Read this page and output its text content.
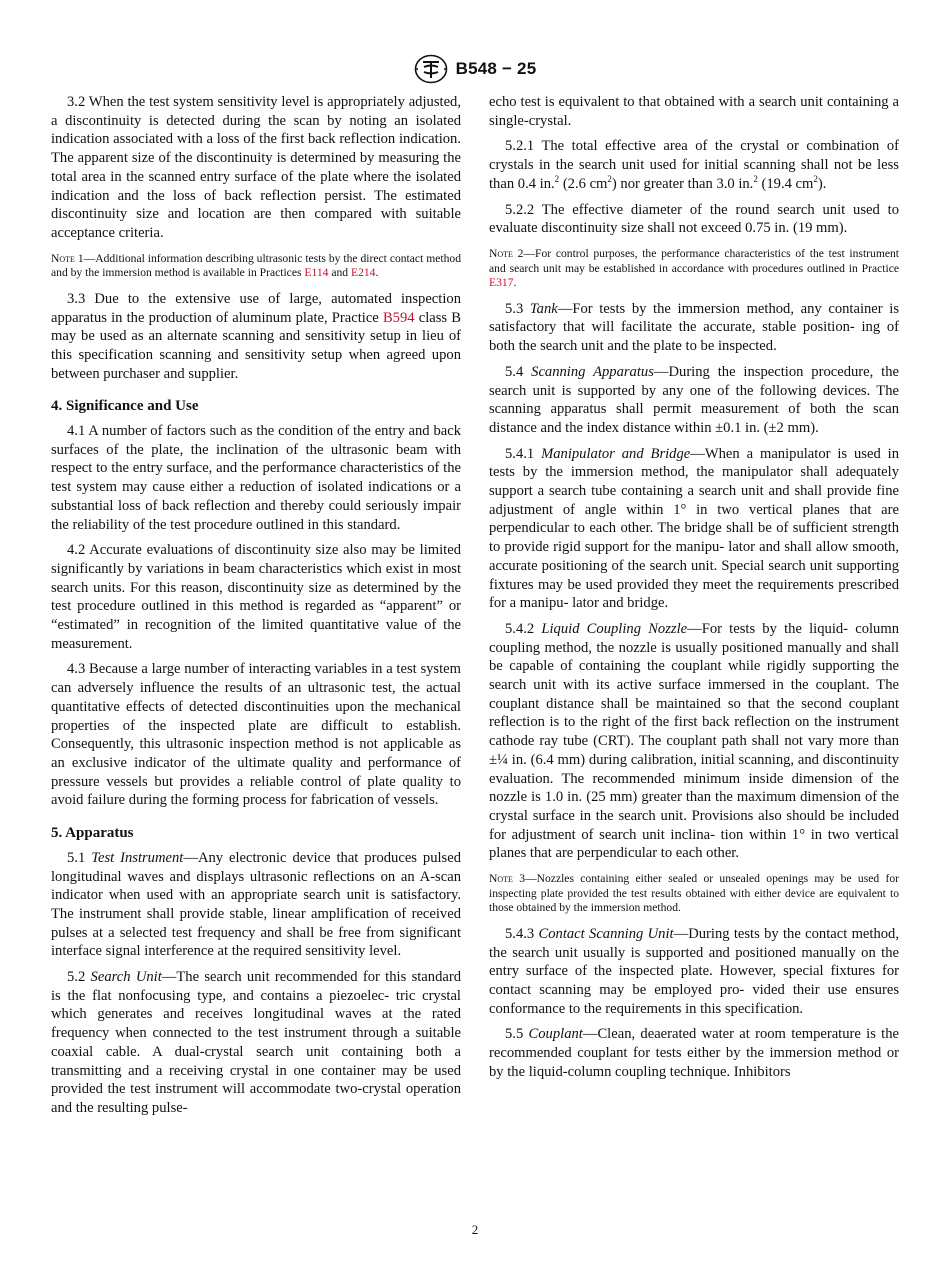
B548 − 25

3.2 When the test system sensitivity level is appropriately adjusted, a discontinuity is detected during the scan by noting an isolated indication associated with a loss of the first back reflection indication. The apparent size of the discontinuity is determined by measuring the total area in the scanned entry surface of the plate where the isolated indication and the loss of back reflection persist. The estimated discontinuity size and location are then compared with suitable acceptance criteria.

Note 1—Additional information describing ultrasonic tests by the direct contact method and by the immersion method is available in Practices E114 and E214.

3.3 Due to the extensive use of large, automated inspection apparatus in the production of aluminum plate, Practice B594 class B may be used as an alternate scanning and sensitivity setup in lieu of this specification scanning and sensitivity setup when agreed upon between purchaser and supplier.

4. Significance and Use

4.1 A number of factors such as the condition of the entry and back surfaces of the plate, the inclination of the ultrasonic beam with respect to the entry surface, and the performance characteristics of the test system may cause either a reduction of isolated indications or a substantial loss of back reflection and thereby could seriously impair the reliability of the test procedure outlined in this standard.

4.2 Accurate evaluations of discontinuity size also may be limited significantly by variations in beam characteristics which exist in most search units. For this reason, discontinuity size as determined by the test procedure outlined in this method is regarded as “apparent” or “estimated” in recognition of the limited quantitative value of the measurement.

4.3 Because a large number of interacting variables in a test system can adversely influence the results of an ultrasonic test, the actual quantitative effects of detected discontinuities upon the mechanical properties of the inspected plate are difficult to establish. Consequently, this ultrasonic inspection method is not applicable as an exclusive indicator of the ultimate quality and performance of pressure vessels but provides a reliable control of plate quality to avoid failure during the forming process for fabrication of vessels.

5. Apparatus

5.1 Test Instrument—Any electronic device that produces pulsed longitudinal waves and displays ultrasonic reflections on an A-scan indicator when used with an appropriate search unit is satisfactory. The instrument shall provide stable, linear amplification of received pulses at a selected test frequency and shall be free from significant interface signal interference at the required sensitivity level.

5.2 Search Unit—The search unit recommended for this standard is the flat nonfocusing type, and contains a piezoelec- tric crystal which generates and receives longitudinal waves at the rated frequency when connected to the test instrument through a suitable coaxial cable. A dual-crystal search unit containing both a transmitting and a receiving crystal in one container may be used provided the test instrument will accommodate two-crystal operation and the resulting pulse-

echo test is equivalent to that obtained with a search unit containing a single-crystal.

5.2.1 The total effective area of the crystal or combination of crystals in the search unit used for initial scanning shall not be less than 0.4 in.$^2$ (2.6 $cm^2$) nor greater than 3.0 in.$^2$ (19.4 $cm^2$).

5.2.2 The effective diameter of the round search unit used to evaluate discontinuity size shall not exceed 0.75 in. (19 mm).

Note 2—For control purposes, the performance characteristics of the test instrument and search unit may be established in accordance with procedures outlined in Practice E317.

5.3 Tank—For tests by the immersion method, any container is satisfactory that will facilitate the accurate, stable position- ing of both the search unit and the plate to be inspected.

5.4 Scanning Apparatus—During the inspection procedure, the search unit is supported by any one of the following devices. The scanning apparatus shall permit measurement of both the scan distance and the index distance within ±0.1 in. (±2 mm).

5.4.1 Manipulator and Bridge—When a manipulator is used in tests by the immersion method, the manipulator shall adequately support a search tube containing a search unit and shall provide fine adjustment of angle within 1° in two vertical planes that are perpendicular to each other. The bridge shall be of sufficient strength to provide rigid support for the manipu- lator and shall allow smooth, accurate positioning of the search unit. Special search unit supporting fixtures may be used provided they meet the requirements prescribed for a manipu- lator and bridge.

5.4.2 Liquid Coupling Nozzle—For tests by the liquid- column coupling method, the nozzle is usually positioned manually and shall be capable of containing the couplant while rigidly supporting the search unit with its active surface immersed in the couplant. The couplant distance shall be maintained so that the second couplant reflection is to the right of the first back reflection on the instrument cathode ray tube (CRT). The couplant path shall not vary more than ±¼ in. (6.4 mm) during calibration, initial scanning, and discontinuity evaluation. The recommended minimum inside dimension of the nozzle is 1.0 in. (25 mm) greater than the maximum dimension of the crystal surface in the search unit. Provisions also should be included for adjustment of search unit inclina- tion within 1° in two vertical planes that are perpendicular to each other.

Note 3—Nozzles containing either sealed or unsealed openings may be used for inspecting plate provided the test results obtained with either device are equivalent to those obtained by the immersion method.

5.4.3 Contact Scanning Unit—During tests by the contact method, the search unit usually is supported and positioned manually on the entry surface of the inspected plate. However, special fixtures for contact scanning may be employed pro- vided their use ensures conformance to the requirements in this specification.

5.5 Couplant—Clean, deaerated water at room temperature is the recommended couplant for tests either by the immersion method or by the liquid-column coupling technique. Inhibitors

2
